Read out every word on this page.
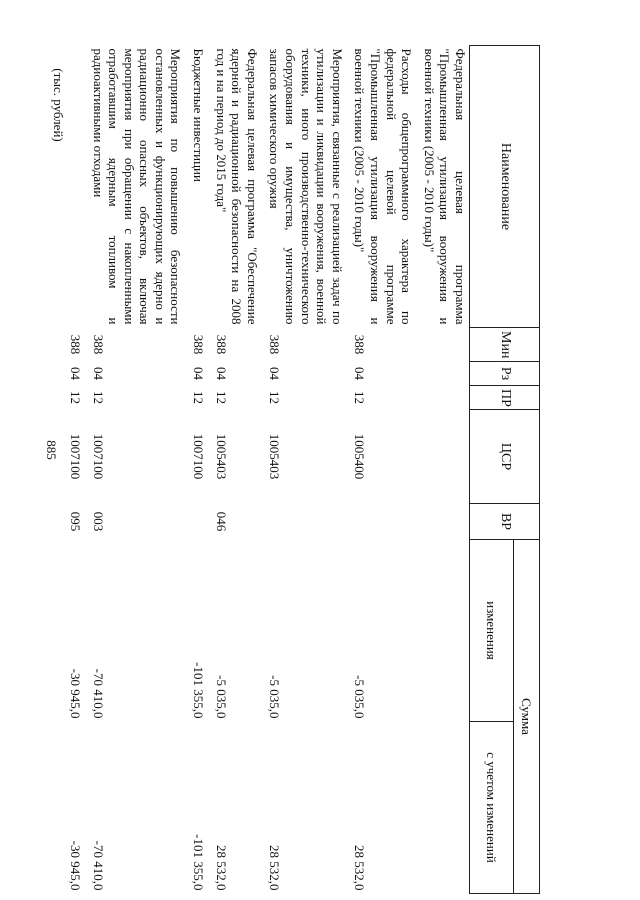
885
(тыс. рублей)
Наименование	Мин	Рз	ПР	ЦСР	ВР	Сумма	
						изменения	с учетом изменений
Федеральная целевая программа "Промышленная утилизация вооружения и военной техники (2005 - 2010 годы)"							
Расходы общепрограммного характера по федеральной целевой программе "Промышленная утилизация вооружения и военной техники (2005 - 2010 годы)"	388	04	12	1005400		-5 035,0	28 532,0
Мероприятия, связанные с реализацией задач по утилизации и ликвидации вооружения, военной техники, иного производственно-технического оборудования и имущества, уничтожению запасов химического оружия	388	04	12	1005403		-5 035,0	28 532,0
Федеральная целевая программа "Обеспечение ядерной и радиационной безопасности на 2008 год и на период до 2015 года"	388	04	12	1005403	046	-5 035,0	28 532,0
Бюджетные инвестиции	388	04	12	1007100		-101 355,0	-101 355,0
Мероприятия по повышению безопасности остановленных и функционирующих ядерно и радиационно опасных объектов, включая мероприятия при обращении с накопленными отработавшим ядерным топливом и радиоактивными отходами	388	04	12	1007100	003	-70 410,0	-70 410,0
	388	04	12	1007100	095	-30 945,0	-30 945,0
